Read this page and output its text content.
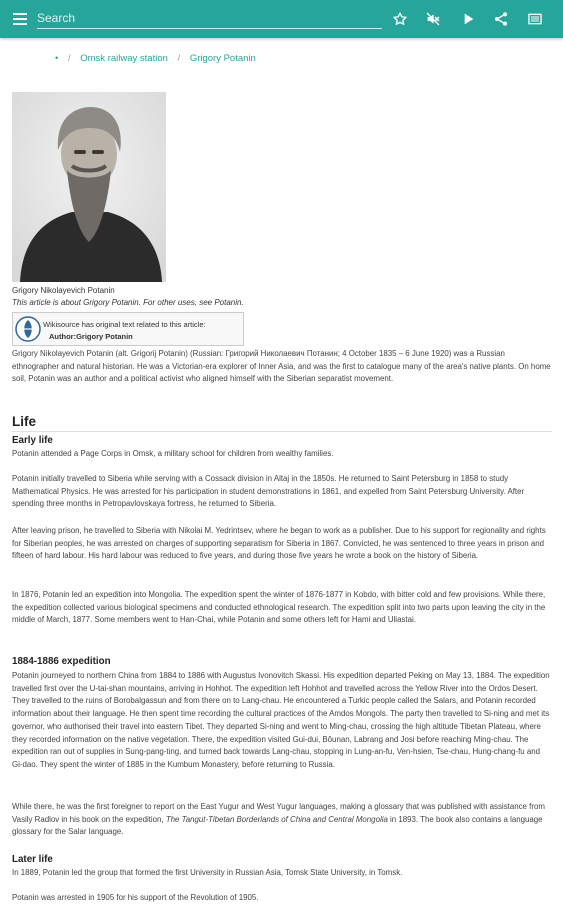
Search
• / Omsk railway station / Grigory Potanin
Grigory Nikolayevich Potanin
This article is about Grigory Potanin. For other uses, see Potanin.
Wikisource has original text related to this article:
Author:Grigory Potanin

Grigory Nikolayevich Potanin (alt. Grigorij Potanin) (Russian: Григорий Николаевич Потанин; 4 October 1835 – 6 June 1920) was a Russian ethnographer and natural historian. He was a Victorian-era explorer of Inner Asia, and was the first to catalogue many of the area's native plants. On home soil, Potanin was an author and a political activist who aligned himself with the Siberian separatist movement.

Life
Early life

Potanin attended a Page Corps in Omsk, a military school for children from wealthy families.

Potanin initially travelled to Siberia while serving with a Cossack division in Altaj in the 1850s. He returned to Saint Petersburg in 1858 to study Mathematical Physics. He was arrested for his participation in student demonstrations in 1861, and expelled from Saint Petersburg University. After spending three months in Petropavlovskaya fortress, he returned to Siberia.

After leaving prison, he travelled to Siberia with Nikolai M. Yedrintsev, where he began to work as a publisher. Due to his support for regionality and rights for Siberian peoples, he was arrested on charges of supporting separatism for Siberia in 1867. Convicted, he was sentenced to three years in prison and fifteen of hard labour. His hard labour was reduced to five years, and during those five years he wrote a book on the history of Siberia.

In 1876, Potanin led an expedition into Mongolia. The expedition spent the winter of 1876-1877 in Kobdo, with bitter cold and few provisions. While there, the expedition collected various biological specimens and conducted ethnological research. The expedition split into two parts upon leaving the city in the middle of March, 1877. Some members went to Han-Chai, while Potanin and some others left for Hami and Uliastai.

1884-1886 expedition

Potanin journeyed to northern China from 1884 to 1886 with Augustus Ivonovitch Skassi. His expedition departed Peking on May 13, 1884. The expedition travelled first over the U-tai-shan mountains, arriving in Hohhot. The expedition left Hohhot and travelled across the Yellow River into the Ordos Desert. They travelled to the ruins of Borobalgassun and from there on to Lang-chau. He encountered a Turkic people called the Salars, and Potanin recorded information about their language. He then spent time recording the cultural practices of the Amdos Mongols. The party then travelled to Si-ning and met its governor, who authorised their travel into eastern Tibet. They departed Si-ning and went to Ming-chau, crossing the high altitude Tibetan Plateau, where they recorded information on the native vegetation. There, the expedition visited Gui-dui, Bôunan, Labrang and Josi before reaching Ming-chau. The expedition ran out of supplies in Sung-pang-ting, and turned back towards Lang-chau, stopping in Lung-an-fu, Ven-hsien, Tse-chau, Hung-chang-fu and Gi-dao. They spent the winter of 1885 in the Kumbum Monastery, before returning to Russia.

While there, he was the first foreigner to report on the East Yugur and West Yugur languages, making a glossary that was published with assistance from Vasily Radlov in his book on the expedition, The Tangut-Tibetan Borderlands of China and Central Mongolia in 1893. The book also contains a language glossary for the Salar language.

Later life

In 1889, Potanin led the group that formed the first University in Russian Asia, Tomsk State University, in Tomsk.

Potanin was arrested in 1905 for his support of the Revolution of 1905.
